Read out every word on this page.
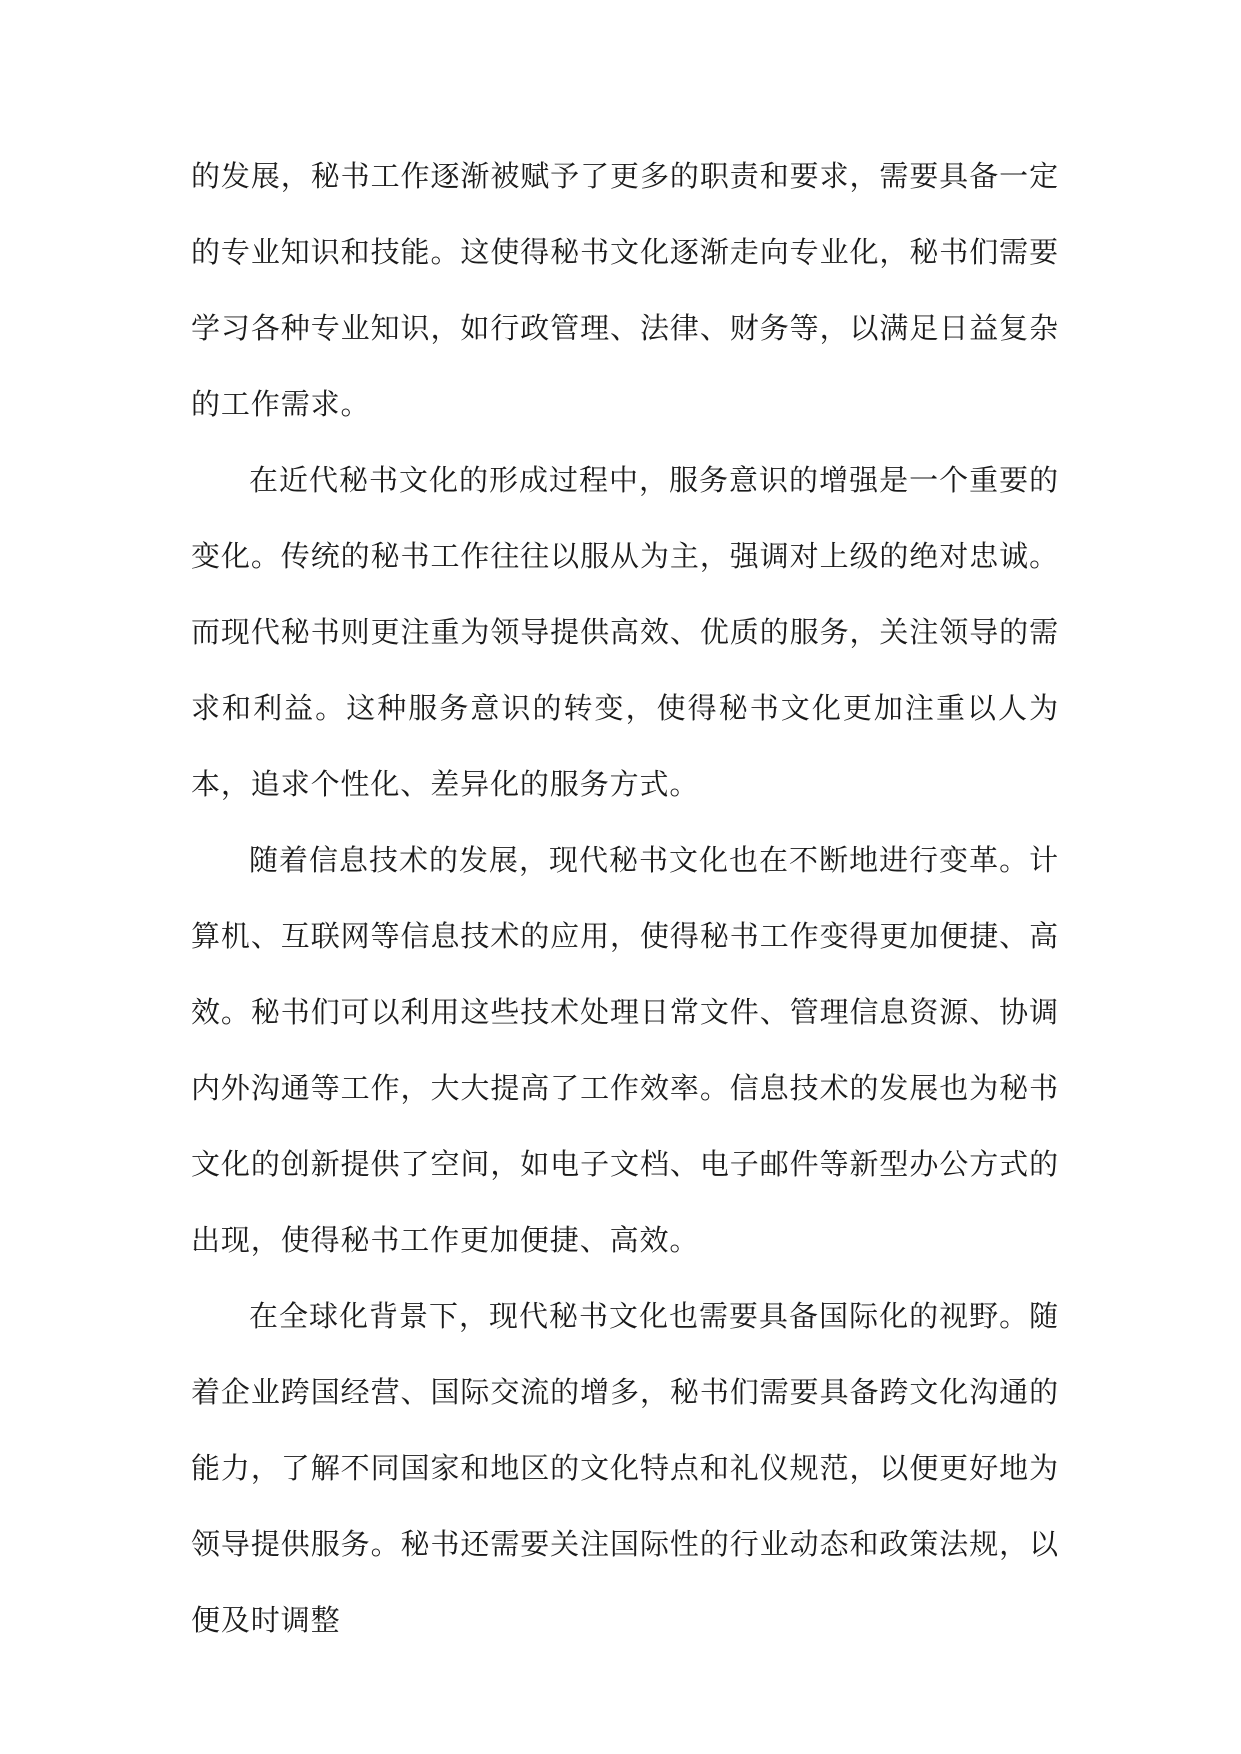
的发展，秘书工作逐渐被赋予了更多的职责和要求，需要具备一定的专业知识和技能。这使得秘书文化逐渐走向专业化，秘书们需要学习各种专业知识，如行政管理、法律、财务等，以满足日益复杂的工作需求。

在近代秘书文化的形成过程中，服务意识的增强是一个重要的变化。传统的秘书工作往往以服从为主，强调对上级的绝对忠诚。而现代秘书则更注重为领导提供高效、优质的服务，关注领导的需求和利益。这种服务意识的转变，使得秘书文化更加注重以人为本，追求个性化、差异化的服务方式。

随着信息技术的发展，现代秘书文化也在不断地进行变革。计算机、互联网等信息技术的应用，使得秘书工作变得更加便捷、高效。秘书们可以利用这些技术处理日常文件、管理信息资源、协调内外沟通等工作，大大提高了工作效率。信息技术的发展也为秘书文化的创新提供了空间，如电子文档、电子邮件等新型办公方式的出现，使得秘书工作更加便捷、高效。

在全球化背景下，现代秘书文化也需要具备国际化的视野。随着企业跨国经营、国际交流的增多，秘书们需要具备跨文化沟通的能力，了解不同国家和地区的文化特点和礼仪规范，以便更好地为领导提供服务。秘书还需要关注国际性的行业动态和政策法规，以便及时调整
